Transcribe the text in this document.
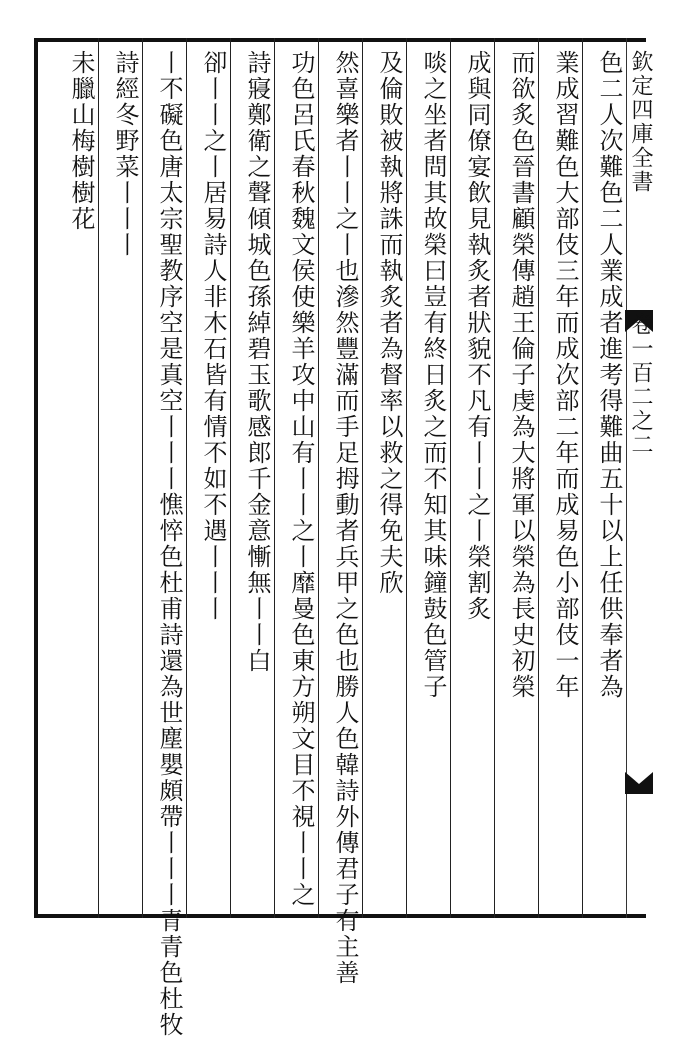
欽定四庫全書 卷一百二之二
色二人次難色二人業成者進考得難曲五十以上任供奉者為
業成習難色大部伎三年而成次部二年而成易色小部伎一年
而欲炙色晉書顧榮傳趙王倫子虔為大將軍以榮為長史初榮
成與同僚宴飲見執炙者狀貌不凡有丨丨之丨榮割炙
啖之坐者問其故榮曰豈有終日炙之而不知其味鐘鼓色管子
及倫敗被執將誅而執炙者為督率以救之得免夫欣
然喜樂者丨丨之丨也滲然豐滿而手足拇動者兵甲之色也勝人色韓詩外傳君子有主善
功色呂氏春秋魏文侯使樂羊攻中山有丨丨之丨靡曼色東方朔文目不視丨丨之
詩寢鄭衛之聲傾城色孫綽碧玉歌感郎千金意慚無丨丨白
卻丨丨之丨居易詩人非木石皆有情不如不遇丨丨丨
丨不礙色唐太宗聖教序空是真空丨丨丨憔悴色杜甫詩還為世塵嬰頗帶丨丨丨青青色杜牧
詩經冬野菜丨丨丨
未臘山梅樹樹花
